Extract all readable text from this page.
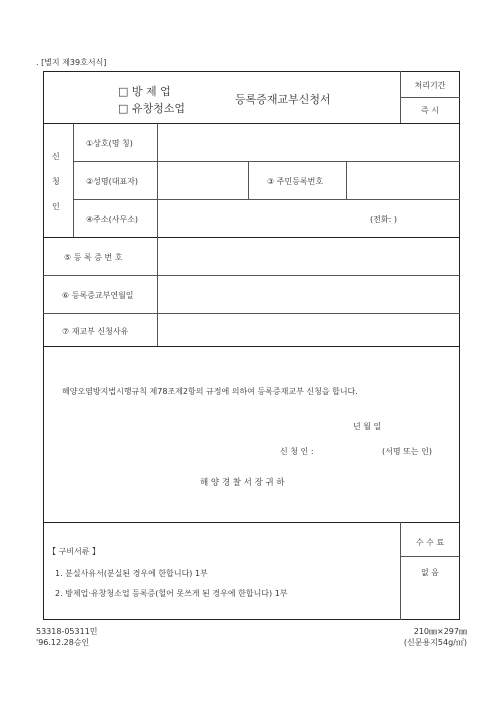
. [별지 제39호서식]
□ 방 제 업
□ 유창청소업
등록증재교부신청서
처리기간
즉 시
신
청
인
①상호(명 칭)
②성명(대표자)	③ 주민등록번호
④주소(사무소)	(전화: )
⑤ 등 록 증 번 호
⑥ 등록증교부연월일
⑦ 재교부 신청사유
해양오염방지법시행규칙 제78조제2항의 규정에 의하여 등록증재교부 신청을 합니다.
년 월 일
신 청 인 :	(서명 또는 인)
해 양 경 찰 서 장 귀 하
【 구비서류 】
1. 분실사유서(분실된 경우에 한합니다) 1부
2. 방제업·유창청소업 등록증(헐어 못쓰게 된 경우에 한합니다) 1부
수 수 료
없 음
53318-05311민
'96.12.28승인
210㎜×297㎜
(신문용지54g/㎡)
